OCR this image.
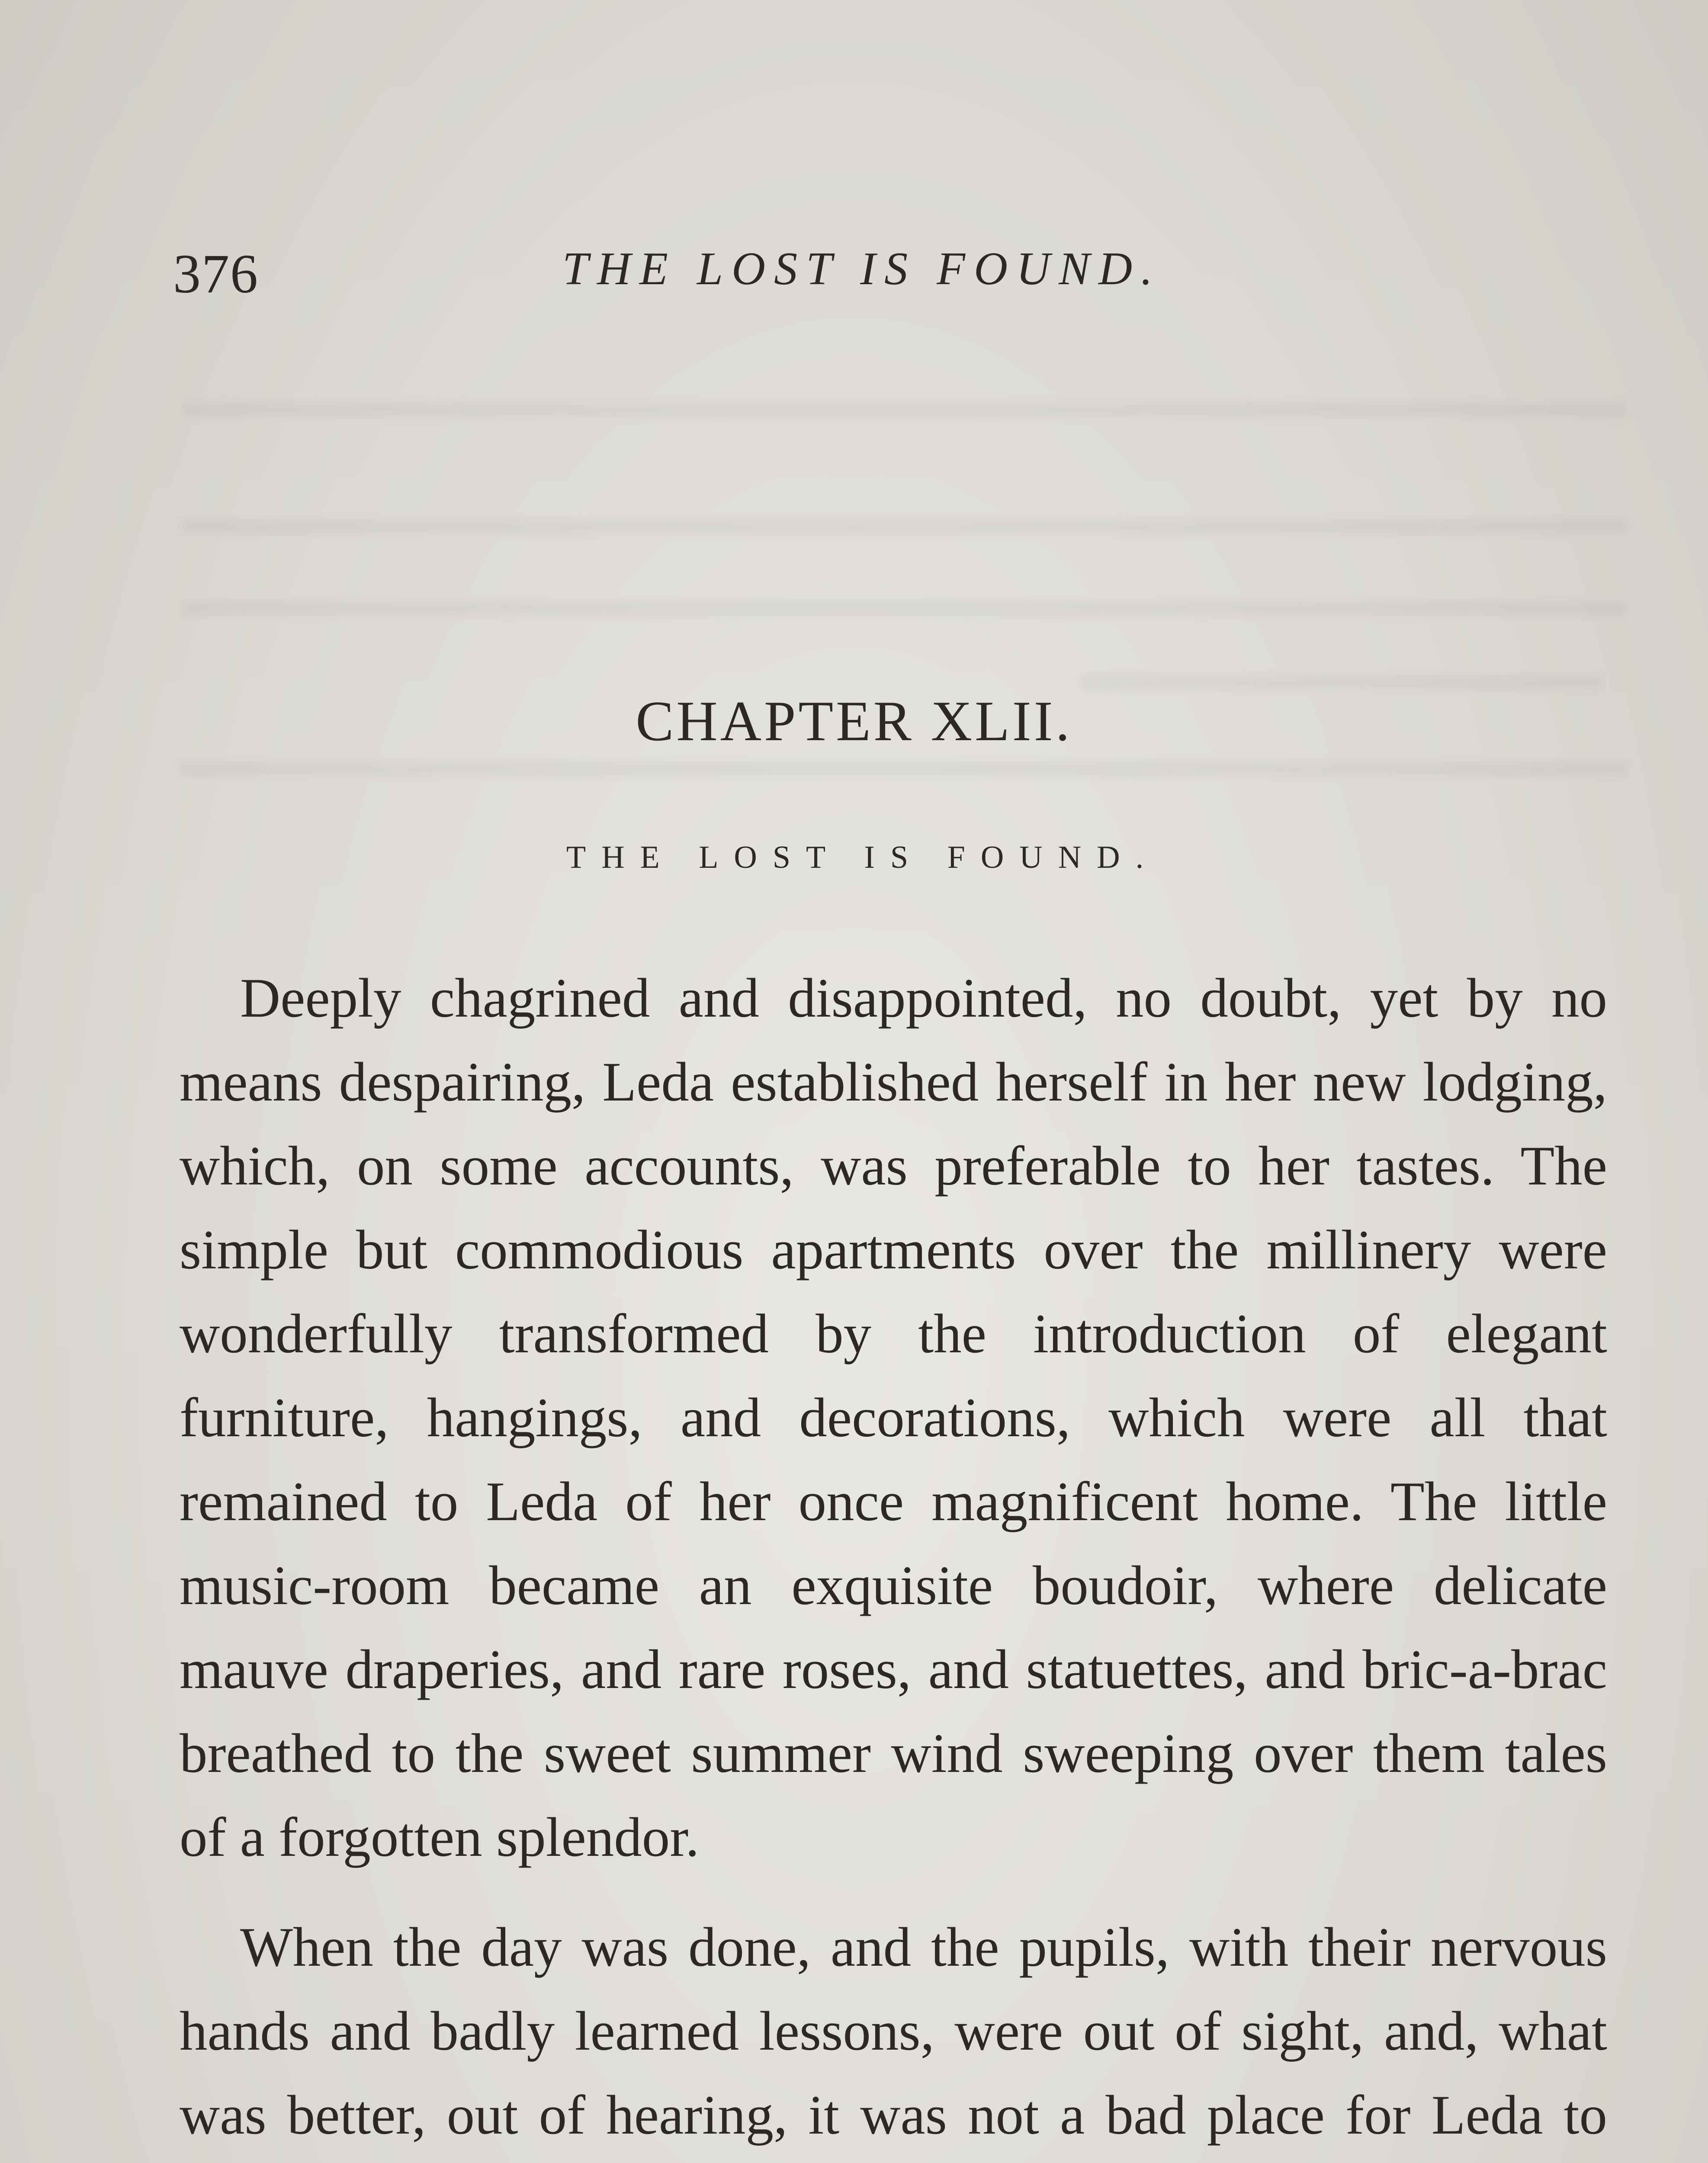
376	THE LOST IS FOUND.
CHAPTER XLII.
THE LOST IS FOUND.

Deeply chagrined and disappointed, no doubt, yet by no means despairing, Leda established herself in her new lodging, which, on some accounts, was preferable to her tastes. The simple but commodious apartments over the millinery were wonderfully transformed by the introduction of elegant furniture, hangings, and decorations, which were all that remained to Leda of her once magnificent home. The little music-room became an exquisite boudoir, where delicate mauve draperies, and rare roses, and statuettes, and bric-a-brac breathed to the sweet summer wind sweeping over them tales of a forgotten splendor.

When the day was done, and the pupils, with their nervous hands and badly learned lessons, were out of sight, and, what was better, out of hearing, it was not a bad place for Leda to
